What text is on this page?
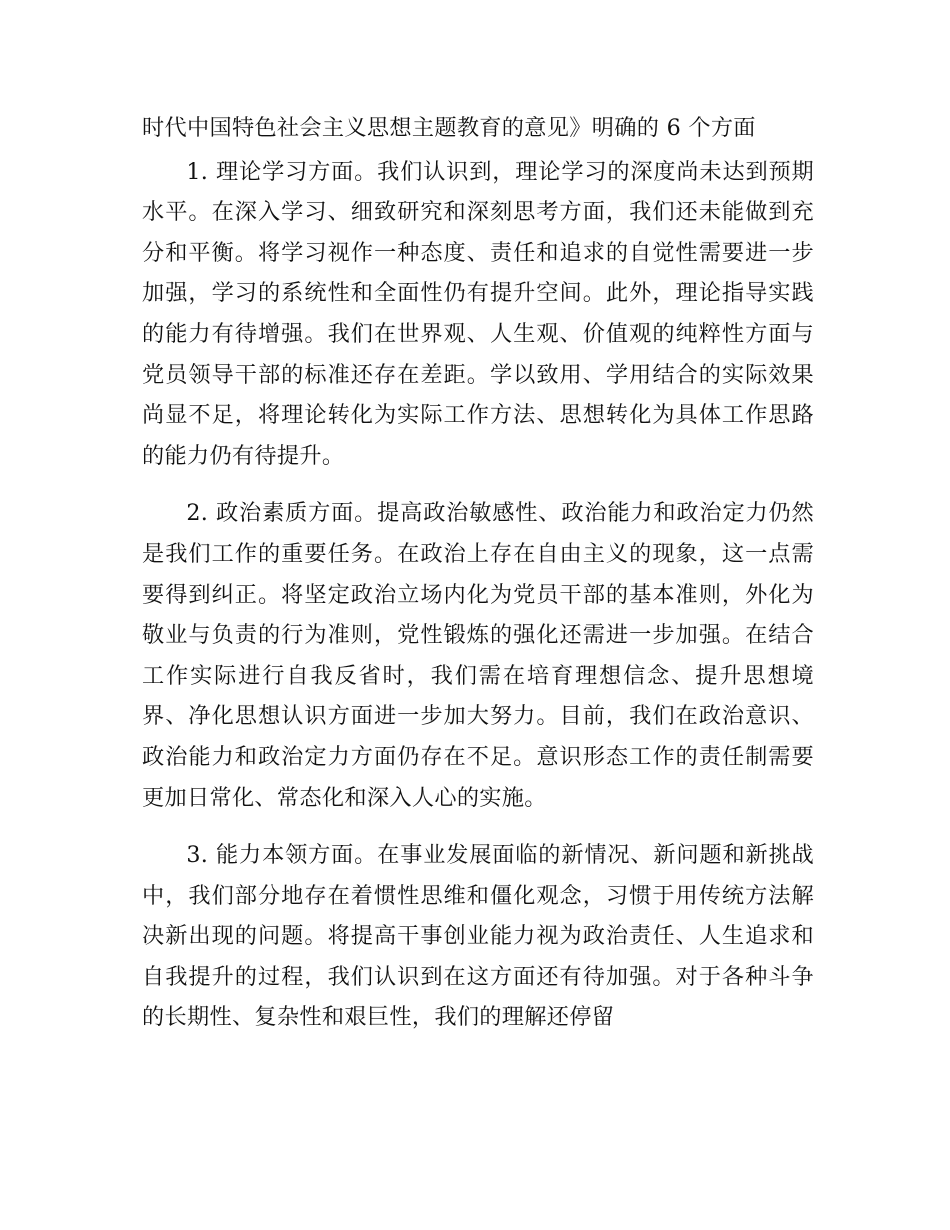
时代中国特色社会主义思想主题教育的意见》明确的 6 个方面

1. 理论学习方面。我们认识到，理论学习的深度尚未达到预期水平。在深入学习、细致研究和深刻思考方面，我们还未能做到充分和平衡。将学习视作一种态度、责任和追求的自觉性需要进一步加强，学习的系统性和全面性仍有提升空间。此外，理论指导实践的能力有待增强。我们在世界观、人生观、价值观的纯粹性方面与党员领导干部的标准还存在差距。学以致用、学用结合的实际效果尚显不足，将理论转化为实际工作方法、思想转化为具体工作思路的能力仍有待提升。

2. 政治素质方面。提高政治敏感性、政治能力和政治定力仍然是我们工作的重要任务。在政治上存在自由主义的现象，这一点需要得到纠正。将坚定政治立场内化为党员干部的基本准则，外化为敬业与负责的行为准则，党性锻炼的强化还需进一步加强。在结合工作实际进行自我反省时，我们需在培育理想信念、提升思想境界、净化思想认识方面进一步加大努力。目前，我们在政治意识、政治能力和政治定力方面仍存在不足。意识形态工作的责任制需要更加日常化、常态化和深入人心的实施。

3. 能力本领方面。在事业发展面临的新情况、新问题和新挑战中，我们部分地存在着惯性思维和僵化观念，习惯于用传统方法解决新出现的问题。将提高干事创业能力视为政治责任、人生追求和自我提升的过程，我们认识到在这方面还有待加强。对于各种斗争的长期性、复杂性和艰巨性，我们的理解还停留
